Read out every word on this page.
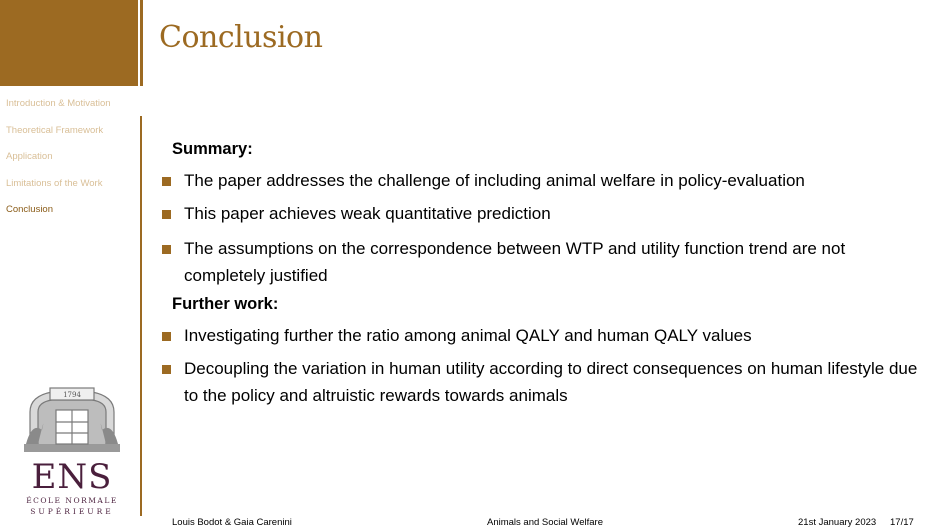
Introduction & Motivation
Theoretical Framework
Application
Limitations of the Work
Conclusion
1794
ENS
ÉCOLE NORMALE
SUPÉRIEURE
Conclusion

Summary:

The paper addresses the challenge of including animal welfare in policy-evaluation
This paper achieves weak quantitative prediction
The assumptions on the correspondence between WTP and utility function trend are not completely justified

Further work:

Investigating further the ratio among animal QALY and human QALY values
Decoupling the variation in human utility according to direct consequences on human lifestyle due to the policy and altruistic rewards towards animals
Louis Bodot & Gaia Carenini	Animals and Social Welfare	21st January 2023 17/17
